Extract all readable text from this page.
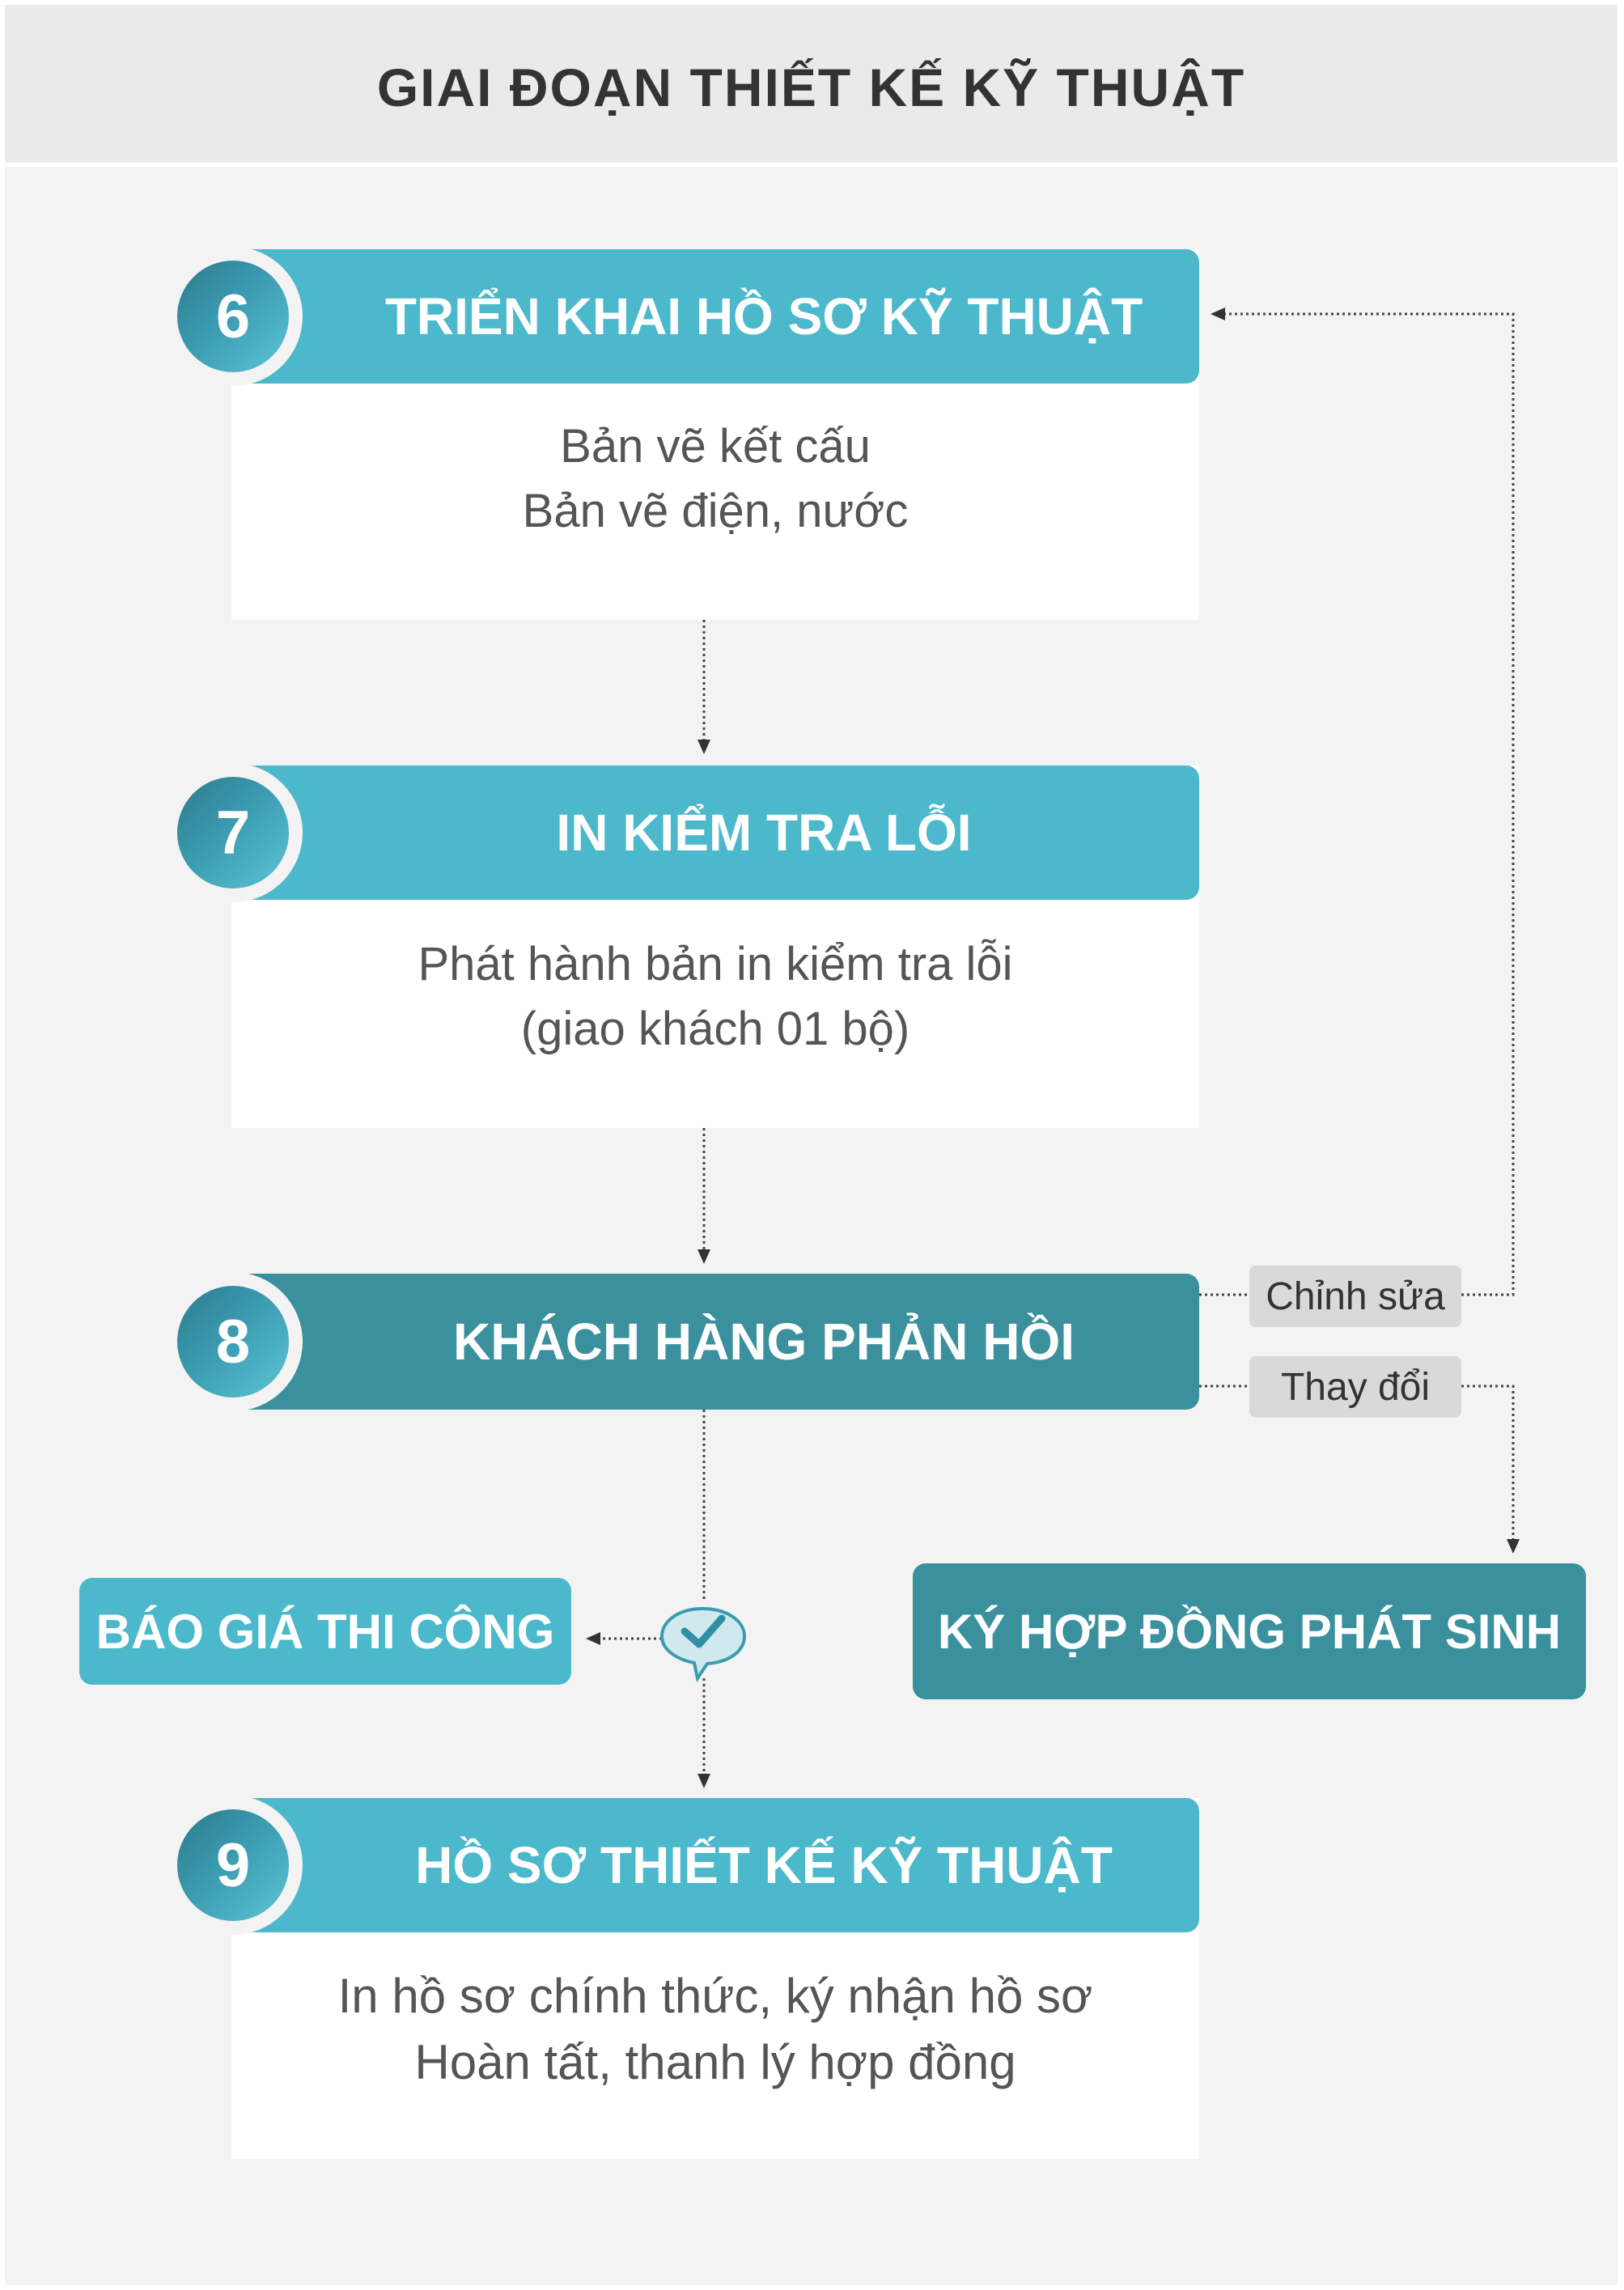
GIAI ĐOẠN THIẾT KẾ KỸ THUẬT
TRIỂN KHAI HỒ SƠ KỸ THUẬT
6
Bản vẽ kết cấu
Bản vẽ điện, nước
IN KIỂM TRA LỖI
7
Phát hành bản in kiểm tra lỗi
(giao khách 01 bộ)
KHÁCH HÀNG PHẢN HỒI
8
Chỉnh sửa
Thay đổi
BÁO GIÁ THI CÔNG	KÝ HỢP ĐỒNG PHÁT SINH
HỒ SƠ THIẾT KẾ KỸ THUẬT
9
In hồ sơ chính thức, ký nhận hồ sơ
Hoàn tất, thanh lý hợp đồng
